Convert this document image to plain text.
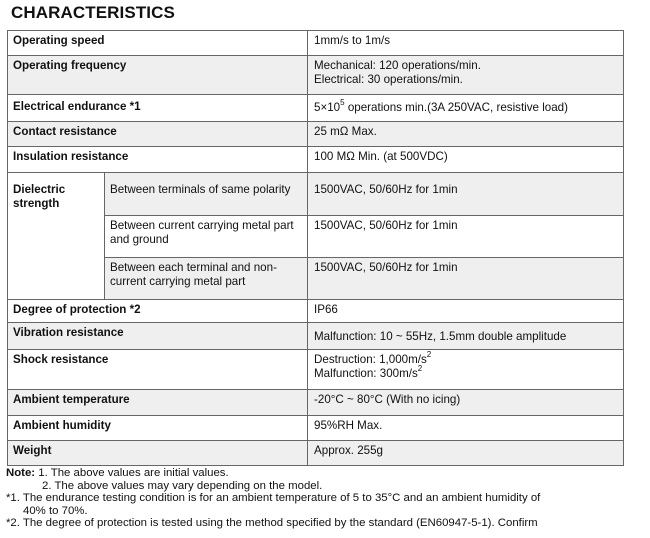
CHARACTERISTICS
Operating speed		1mm/s to 1m/s
Operating frequency		Mechanical: 120 operations/min.
Electrical: 30 operations/min.

Electrical endurance *1		$5\times 10^5$ operations min.(3A 250VAC, resistive load)
Contact resistance		25 mΩ Max.
Insulation resistance		100 MΩ Min. (at 500VDC)

Dielectric
strength	Between terminals of same polarity	1500VAC, 50/60Hz for 1min
	Between current carrying metal part and ground	1500VAC, 50/60Hz for 1min
	Between each terminal and non-current carrying metal part	1500VAC, 50/60Hz for 1min
Degree of protection *2		IP66
Vibration resistance		Malfunction: 10 ~ 55Hz, 1.5mm double amplitude
Shock resistance		Destruction: $1,000m/s^2$
Malfunction: $300m/s^2$

Ambient temperature		-20°C ~ 80°C (With no icing)
Ambient humidity		95%RH Max.
Weight		Approx. 255g
Note: 1. The above values are initial values.
2. The above values may vary depending on the model.
*1. The endurance testing condition is for an ambient temperature of 5 to 35°C and an ambient humidity of
40% to 70%.
*2. The degree of protection is tested using the method specified by the standard (EN60947-5-1). Confirm
